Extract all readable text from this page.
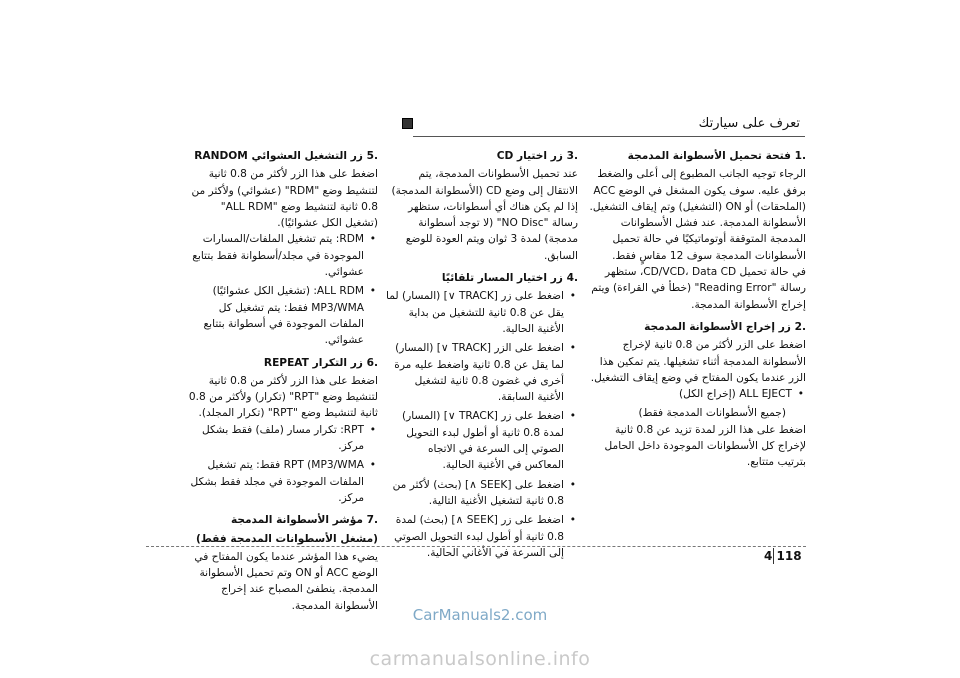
تعرف على سيارتك

.1 فتحة تحميل الأسطوانة المدمجة

الرجاء توجيه الجانب المطبوع إلى أعلى والضغط برفق عليه. سوف يكون المشغل في الوضع ACC (الملحقات) أو ON (التشغيل) وتم إيقاف التشغيل. الأسطوانة المدمجة. عند فشل الأسطوانات المدمجة المتوقفة أوتوماتيكيًا في حالة تحميل الأسطوانات المدمجة سوف 12 مقاسٍ فقط.

في حالة تحميل CD/VCD، Data CD، ستظهر رسالة "Reading Error" (خطأ في القراءة) ويتم إخراج الأسطوانة المدمجة.

.2 زر إخراج الأسطوانة المدمجة

اضغط على الزر لأكثر من 0.8 ثانية لإخراج الأسطوانة المدمجة أثناء تشغيلها. يتم تمكين هذا الزر عندما يكون المفتاح في وضع إيقاف التشغيل.

• ALL EJECT (إخراج الكل)

(جميع الأسطوانات المدمجة فقط)

اضغط على هذا الزر لمدة تزيد عن 0.8 ثانية لإخراج كل الأسطوانات الموجودة داخل الحامل بترتيب متتابع.

.3 زر اختيار CD

عند تحميل الأسطوانات المدمجة، يتم الانتقال إلى وضع CD (الأسطوانة المدمجة) إذا لم يكن هناك أي أسطوانات، ستظهر رسالة "NO Disc" (لا توجد أسطوانة مدمجة) لمدة 3 ثوان ويتم العودة للوضع السابق.

.4 زر اختيار المسار تلقائيًا

• اضغط على زر [TRACK ∨] (المسار) لما يقل عن 0.8 ثانية للتشغيل من بداية الأغنية الحالية.
• اضغط على الزر [TRACK ∨] (المسار) لما يقل عن 0.8 ثانية واضغط عليه مرة أخرى في غضون 0.8 ثانية لتشغيل الأغنية السابقة.
• اضغط على زر [TRACK ∨] (المسار) لمدة 0.8 ثانية أو أطول لبدء التحويل الصوتي إلى السرعة في الاتجاه المعاكس في الأغنية الحالية.
• اضغط على [SEEK ∧] (بحث) لأكثر من 0.8 ثانية لتشغيل الأغنية التالية.
• اضغط على زر [SEEK ∧] (بحث) لمدة 0.8 ثانية أو أطول لبدء التحويل الصوتي إلى السرعة في الأغاني الحالية.

.5 زر التشغيل العشوائي RANDOM

اضغط على هذا الزر لأكثر من 0.8 ثانية لتنشيط وضع "RDM" (عشوائي) ولأكثر من 0.8 ثانية لتنشيط وضع "ALL RDM" (تشغيل الكل عشوائيًا).

• RDM: يتم تشغيل الملفات/المسارات الموجودة في مجلد/أسطوانة فقط بتتابع عشوائي.
• ALL RDM: (تشغيل الكل عشوائيًا) MP3/WMA فقط: يتم تشغيل كل الملفات الموجودة في أسطوانة بتتابع عشوائي.

.6 زر التكرار REPEAT

اضغط على هذا الزر لأكثر من 0.8 ثانية لتنشيط وضع "RPT" (تكرار) ولأكثر من 0.8 ثانية لتنشيط وضع "RPT" (تكرار المجلد).

• RPT: تكرار مسار (ملف) فقط بشكل مركز.
• RPT (MP3/WMA فقط: يتم تشغيل الملفات الموجودة في مجلد فقط بشكل مركز.

.7 مؤشر الأسطوانة المدمجة

(مشغل الأسطوانات المدمجة فقط)

يضيء هذا المؤشر عندما يكون المفتاح في الوضع ACC أو ON وتم تحميل الأسطوانة المدمجة. ينطفئ المصباح عند إخراج الأسطوانة المدمجة.

4 118
CarManuals2.com
carmanualsonline.info
